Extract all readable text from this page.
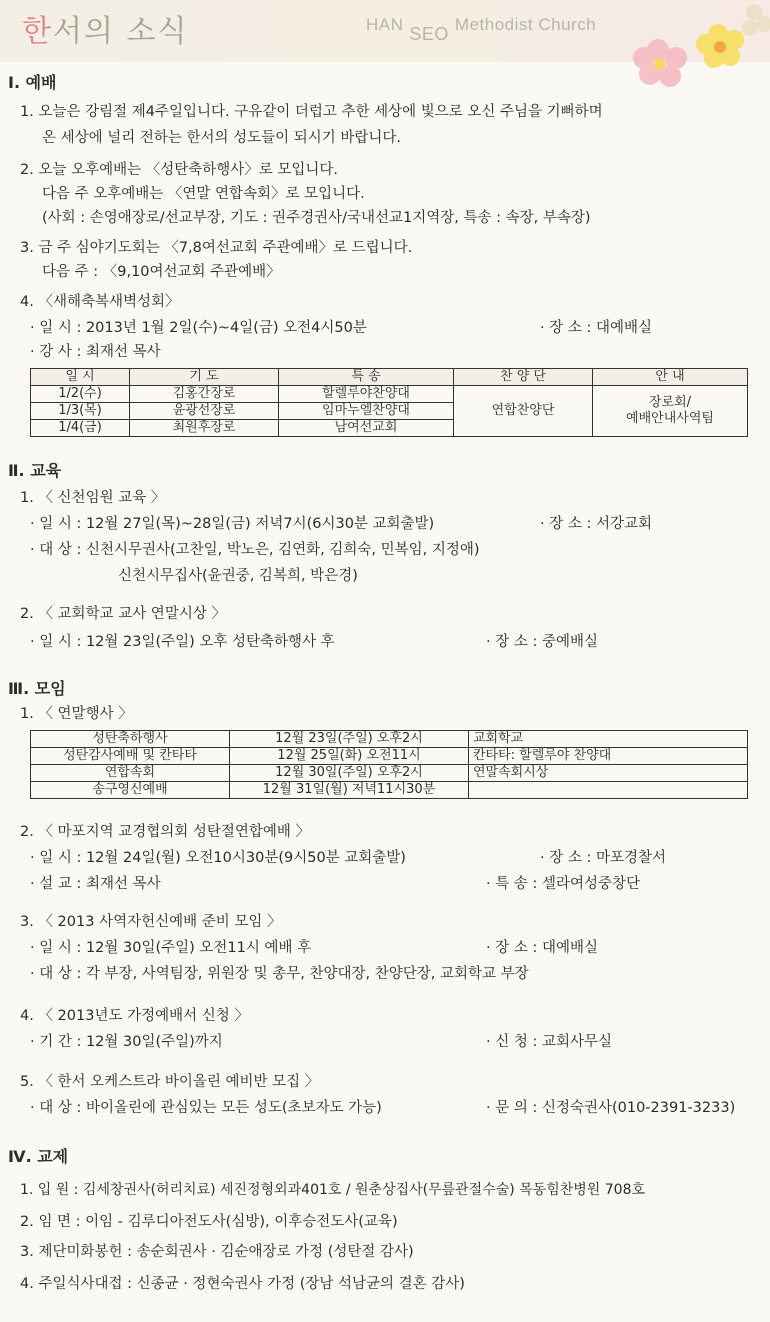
한서의 소식	HAN SEO Methodist Church
Ⅰ. 예배
1. 오늘은 강림절 제4주일입니다. 구유같이 더럽고 추한 세상에 빛으로 오신 주님을 기뻐하며
온 세상에 널리 전하는 한서의 성도들이 되시기 바랍니다.
2. 오늘 오후예배는 〈성탄축하행사〉로 모입니다.
다음 주 오후예배는 〈연말 연합속회〉로 모입니다.
(사회 : 손영애장로/선교부장, 기도 : 권주경권사/국내선교1지역장, 특송 : 속장, 부속장)
3. 금 주 심야기도회는 〈7,8여선교회 주관예배〉로 드립니다.
다음 주 : 〈9,10여선교회 주관예배〉
4. 〈새해축복새벽성회〉
· 일 시 : 2013년 1월 2일(수)~4일(금) 오전4시50분	· 장 소 : 대예배실
· 강 사 : 최재선 목사
일 시	기 도	특 송	찬 양 단	안 내
1/2(수)	김홍간장로	할렐루야찬양대	연합찬양단	장로회/
예배안내사역팀

1/3(목)	윤광선장로	임마누엘찬양대		
1/4(금)	최원후장로	남여선교회		
Ⅱ. 교육
1. 〈 신천임원 교육 〉
· 일 시 : 12월 27일(목)~28일(금) 저녁7시(6시30분 교회출발)	· 장 소 : 서강교회
· 대 상 : 신천시무권사(고찬일, 박노은, 김연화, 김희숙, 민복임, 지정애)
신천시무집사(윤권중, 김복희, 박은경)
2. 〈 교회학교 교사 연말시상 〉
· 일 시 : 12월 23일(주일) 오후 성탄축하행사 후	· 장 소 : 중예배실
Ⅲ. 모임
1. 〈 연말행사 〉
성탄축하행사	12월 23일(주일) 오후2시	교회학교
성탄감사예배 및 칸타타	12월 25일(화) 오전11시	칸타타: 할렐루야 찬양대
연합속회	12월 30일(주일) 오후2시	연말속회시상
송구영신예배	12월 31일(월) 저녁11시30분	
2. 〈 마포지역 교경협의회 성탄절연합예배 〉
· 일 시 : 12월 24일(월) 오전10시30분(9시50분 교회출발)	· 장 소 : 마포경찰서
· 설 교 : 최재선 목사	· 특 송 : 셀라여성중창단
3. 〈 2013 사역자헌신예배 준비 모임 〉
· 일 시 : 12월 30일(주일) 오전11시 예배 후	· 장 소 : 대예배실
· 대 상 : 각 부장, 사역팀장, 위원장 및 총무, 찬양대장, 찬양단장, 교회학교 부장
4. 〈 2013년도 가정예배서 신청 〉
· 기 간 : 12월 30일(주일)까지	· 신 청 : 교회사무실
5. 〈 한서 오케스트라 바이올린 예비반 모집 〉
· 대 상 : 바이올린에 관심있는 모든 성도(초보자도 가능)	· 문 의 : 신정숙권사(010-2391-3233)
Ⅳ. 교제
1. 입 원 : 김세창권사(허리치료) 세진정형외과401호 / 원춘상집사(무릎관절수술) 목동힘찬병원 708호
2. 임 면 : 이임 - 김루디아전도사(심방), 이후승전도사(교육)
3. 제단미화봉헌 : 송순회권사 · 김순애장로 가정 (성탄절 감사)
4. 주일식사대접 : 신종균 · 정현숙권사 가정 (장남 석남균의 결혼 감사)
